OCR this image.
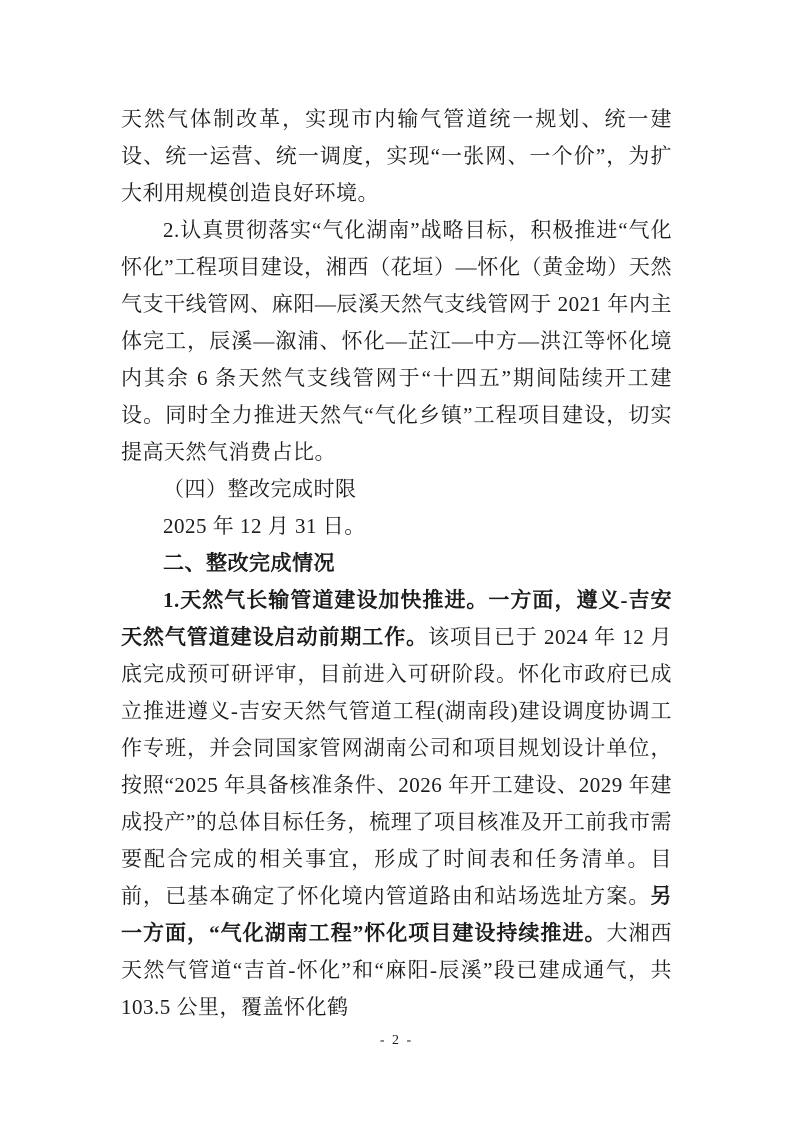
天然气体制改革，实现市内输气管道统一规划、统一建设、统一运营、统一调度，实现“一张网、一个价”，为扩大利用规模创造良好环境。

2.认真贯彻落实“气化湖南”战略目标，积极推进“气化怀化”工程项目建设，湘西（花垣）—怀化（黄金坳）天然气支干线管网、麻阳—辰溪天然气支线管网于 2021 年内主体完工，辰溪—溆浦、怀化—芷江—中方—洪江等怀化境内其余 6 条天然气支线管网于“十四五”期间陆续开工建设。同时全力推进天然气“气化乡镇”工程项目建设，切实提高天然气消费占比。

（四）整改完成时限

2025 年 12 月 31 日。

二、整改完成情况

1.天然气长输管道建设加快推进。一方面，遵义-吉安天然气管道建设启动前期工作。该项目已于 2024 年 12 月底完成预可研评审，目前进入可研阶段。怀化市政府已成立推进遵义-吉安天然气管道工程(湖南段)建设调度协调工作专班，并会同国家管网湖南公司和项目规划设计单位，按照“2025 年具备核准条件、2026 年开工建设、2029 年建成投产”的总体目标任务，梳理了项目核准及开工前我市需要配合完成的相关事宜，形成了时间表和任务清单。目前，已基本确定了怀化境内管道路由和站场选址方案。另一方面，“气化湖南工程”怀化项目建设持续推进。大湘西天然气管道“吉首-怀化”和“麻阳-辰溪”段已建成通气，共 103.5 公里，覆盖怀化鹤

- 2 -
